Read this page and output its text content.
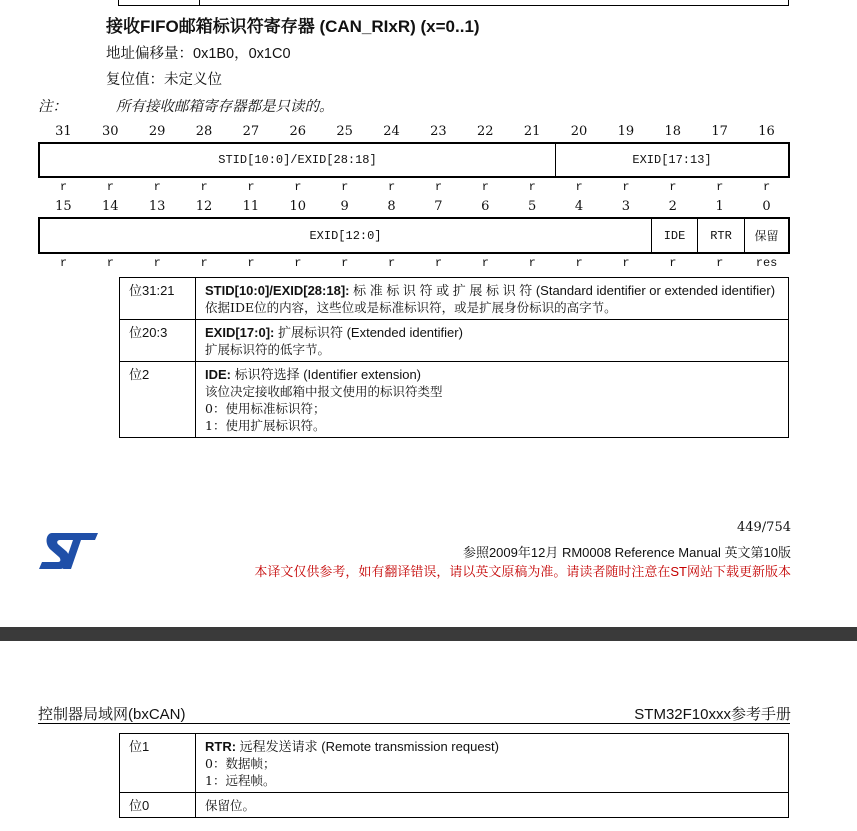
接收FIFO邮箱标识符寄存器 (CAN_RIxR) (x=0..1)
地址偏移量：0x1B0，0x1C0
复位值：未定义位
注：	所有接收邮箱寄存器都是只读的。
31	30	29	28	27	26	25	24	23	22	21	20	19	18	17	16
STID[10:0]/EXID[28:18]	EXID[17:13]
r	r	r	r	r	r	r	r	r	r	r	r	r	r	r	r
15	14	13	12	11	10	9	8	7	6	5	4	3	2	1	0
EXID[12:0]	IDE	RTR	保留
r	r	r	r	r	r	r	r	r	r	r	r	r	r	r	res
位31:21	STID[10:0]/EXID[28:18]: 标 准 标 识 符 或 扩 展 标 识 符 (Standard identifier or extended identifier)
依据IDE位的内容，这些位或是标准标识符，或是扩展身份标识的高字节。
位20:3	EXID[17:0]: 扩展标识符 (Extended identifier)
扩展标识符的低字节。
位2	IDE: 标识符选择 (Identifier extension)
该位决定接收邮箱中报文使用的标识符类型
0：使用标准标识符；
1：使用扩展标识符。
449/754
参照2009年12月 RM0008 Reference Manual 英文第10版
本译文仅供参考，如有翻译错误，请以英文原稿为准。请读者随时注意在ST网站下载更新版本
控制器局域网(bxCAN)	STM32F10xxx参考手册
位1	RTR: 远程发送请求 (Remote transmission request)
0：数据帧；
1：远程帧。
位0	保留位。
